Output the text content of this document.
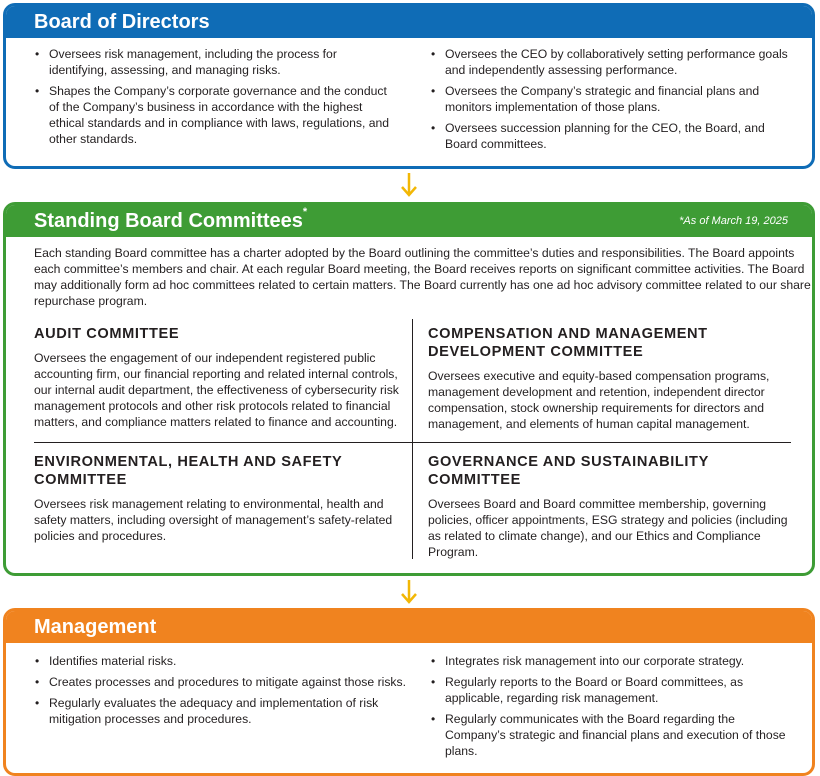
Board of Directors
• Oversees risk management, including the process for identifying, assessing, and managing risks.
• Shapes the Company’s corporate governance and the conduct of the Company’s business in accordance with the highest ethical standards and in compliance with laws, regulations, and other standards.
• Oversees the CEO by collaboratively setting performance goals and independently assessing performance.
• Oversees the Company’s strategic and financial plans and monitors implementation of those plans.
• Oversees succession planning for the CEO, the Board, and Board committees.
Standing Board Committees*
*As of March 19, 2025
Each standing Board committee has a charter adopted by the Board outlining the committee’s duties and responsibilities. The Board appoints each committee’s members and chair. At each regular Board meeting, the Board receives reports on significant committee activities. The Board may additionally form ad hoc committees related to certain matters. The Board currently has one ad hoc advisory committee related to our share repurchase program.
AUDIT COMMITTEE

Oversees the engagement of our independent registered public accounting firm, our financial reporting and related internal controls, our internal audit department, the effectiveness of cybersecurity risk management protocols and other risk protocols related to financial matters, and compliance matters related to finance and accounting.

COMPENSATION AND MANAGEMENT DEVELOPMENT COMMITTEE

Oversees executive and equity-based compensation programs, management development and retention, independent director compensation, stock ownership requirements for directors and management, and elements of human capital management.

ENVIRONMENTAL, HEALTH AND SAFETY COMMITTEE

Oversees risk management relating to environmental, health and safety matters, including oversight of management’s safety-related policies and procedures.

GOVERNANCE AND SUSTAINABILITY COMMITTEE

Oversees Board and Board committee membership, governing policies, officer appointments, ESG strategy and policies (including as related to climate change), and our Ethics and Compliance Program.

Management
• Identifies material risks.
• Creates processes and procedures to mitigate against those risks.
• Regularly evaluates the adequacy and implementation of risk mitigation processes and procedures.
• Integrates risk management into our corporate strategy.
• Regularly reports to the Board or Board committees, as applicable, regarding risk management.
• Regularly communicates with the Board regarding the Company’s strategic and financial plans and execution of those plans.
